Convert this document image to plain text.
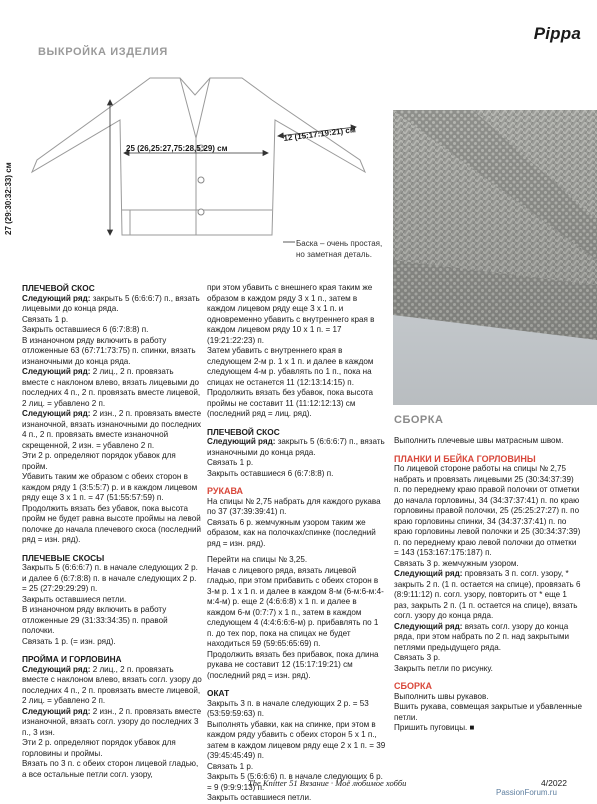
Pippa
ВЫКРОЙКА ИЗДЕЛИЯ
25 (26,25:27,75:28,5:29) см
12 (15:17:19:21) см
27 (29:30:32:33) см
Баска – очень простая,
но заметная деталь.

ПЛЕЧЕВОЙ СКОС

Следующий ряд: закрыть 5 (6:6:6:7) п., вязать лицевыми до конца ряда.

Связать 1 р.

Закрыть оставшиеся 6 (6:7:8:8) п.

В изнаночном ряду включить в работу отложенные 63 (67:71:73:75) п. спинки, вязать изнаночными до конца ряда.

Следующий ряд: 2 лиц., 2 п. провязать вместе с наклоном влево, вязать лицевыми до последних 4 п., 2 п. провязать вместе лицевой, 2 лиц. = убавлено 2 п.

Следующий ряд: 2 изн., 2 п. провязать вместе изнаночной, вязать изнаночными до последних 4 п., 2 п. провязать вместе изнаночной скрещенной, 2 изн. = убавлено 2 п.

Эти 2 р. определяют порядок убавок для пройм.

Убавить таким же образом с обеих сторон в каждом ряду 1 (3:5:5:7) р. и в каждом лицевом ряду еще 3 х 1 п. = 47 (51:55:57:59) п.

Продолжить вязать без убавок, пока высота пройм не будет равна высоте проймы на левой полочке до начала плечевого скоса (последний ряд = изн. ряд).

ПЛЕЧЕВЫЕ СКОСЫ

Закрыть 5 (6:6:6:7) п. в начале следующих 2 р. и далее 6 (6:7:8:8) п. в начале следующих 2 р. = 25 (27:29:29:29) п.

Закрыть оставшиеся петли.

В изнаночном ряду включить в работу отложенные 29 (31:33:34:35) п. правой полочки.

Связать 1 р. (= изн. ряд).

ПРОЙМА И ГОРЛОВИНА

Следующий ряд: 2 лиц., 2 п. провязать вместе с наклоном влево, вязать согл. узору до последних 4 п., 2 п. провязать вместе лицевой, 2 лиц. = убавлено 2 п.

Следующий ряд: 2 изн., 2 п. провязать вместе изнаночной, вязать согл. узору до последних 3 п., 3 изн.

Эти 2 р. определяют порядок убавок для горловины и проймы.

Вязать по 3 п. с обеих сторон лицевой гладью, а все остальные петли согл. узору,

при этом убавить с внешнего края таким же образом в каждом ряду 3 х 1 п., затем в каждом лицевом ряду еще 3 х 1 п. и одновременно убавить с внутреннего края в каждом лицевом ряду 10 х 1 п. = 17 (19:21:22:23) п.

Затем убавить с внутреннего края в следующем 2-м р. 1 х 1 п. и далее в каждом следующем 4-м р. убавлять по 1 п., пока на спицах не останется 11 (12:13:14:15) п.

Продолжить вязать без убавок, пока высота проймы не составит 11 (11:12:12:13) см (последний ряд = лиц. ряд).

ПЛЕЧЕВОЙ СКОС

Следующий ряд: закрыть 5 (6:6:6:7) п., вязать изнаночными до конца ряда.

Связать 1 р.

Закрыть оставшиеся 6 (6:7:8:8) п.

РУКАВА

На спицы № 2,75 набрать для каждого рукава по 37 (37:39:39:41) п.

Связать 6 р. жемчужным узором таким же образом, как на полочках/спинке (последний ряд = изн. ряд).

Перейти на спицы № 3,25.

Начав с лицевого ряда, вязать лицевой гладью, при этом прибавить с обеих сторон в 3-м р. 1 х 1 п. и далее в каждом 8-м (6-м:6-м:4-м:4-м) р. еще 2 (4:6:6:8) х 1 п. и далее в каждом 6-м (0:7:7) х 1 п., затем в каждом следующем 4 (4:4:6:6:6-м) р. прибавлять по 1 п. до тех пор, пока на спицах не будет находиться 59 (59:65:65:69) п.

Продолжить вязать без прибавок, пока длина рукава не составит 12 (15:17:19:21) см (последний ряд = изн. ряд).

ОКАТ

Закрыть 3 п. в начале следующих 2 р. = 53 (53:59:59:63) п.

Выполнять убавки, как на спинке, при этом в каждом ряду убавить с обеих сторон 5 х 1 п., затем в каждом лицевом ряду еще 2 х 1 п. = 39 (39:45:45:49) п.

Связать 1 р.

Закрыть 5 (5:6:6:6) п. в начале следующих 6 р. = 9 (9:9:9:13) п.

Закрыть оставшиеся петли.

СБОРКА

Выполнить плечевые швы матрасным швом.

ПЛАНКИ И БЕЙКА ГОРЛОВИНЫ

По лицевой стороне работы на спицы № 2,75 набрать и провязать лицевыми 25 (30:34:37:39) п. по переднему краю правой полочки от отметки до начала горловины, 34 (34:37:37:41) п. по краю горловины правой полочки, 25 (25:25:27:27) п. по краю горловины спинки, 34 (34:37:37:41) п. по краю горловины левой полочки и 25 (30:34:37:39) п. по переднему краю левой полочки до отметки = 143 (153:167:175:187) п.

Связать 3 р. жемчужным узором.

Следующий ряд: провязать 3 п. согл. узору, * закрыть 2 п. (1 п. остается на спице), провязать 6 (8:9:11:12) п. согл. узору, повторить от * еще 1 раз, закрыть 2 п. (1 п. остается на спице), вязать согл. узору до конца ряда.

Следующий ряд: вязать согл. узору до конца ряда, при этом набрать по 2 п. над закрытыми петлями предыдущего ряда.

Связать 3 р.

Закрыть петли по рисунку.

СБОРКА

Выполнить швы рукавов.

Вшить рукава, совмещая закрытые и убавленные петли.

Пришить пуговицы. ■

The Knitter 51 Вязание · Моё любимое хобби	4/2022
PassionForum.ru
